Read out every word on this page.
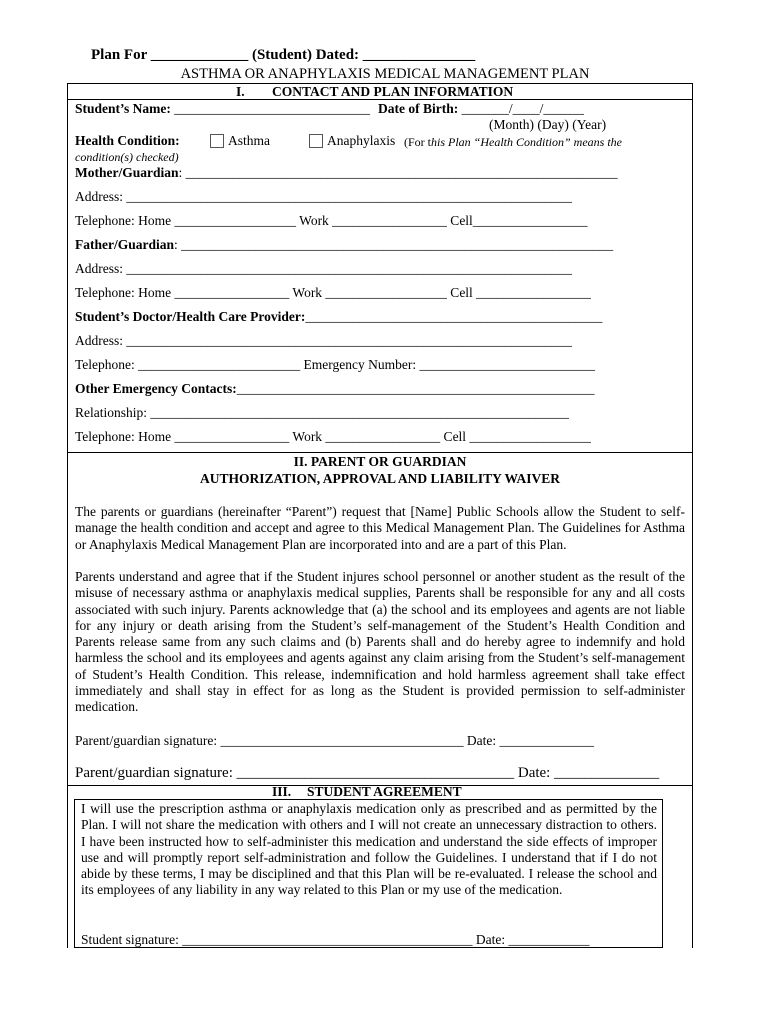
Plan For _____________ (Student) Dated: _______________
ASTHMA OR ANAPHYLAXIS MEDICAL MANAGEMENT PLAN
I. CONTACT AND PLAN INFORMATION
Student’s Name: _____________________________ Date of Birth: _______/____/______
(Month) (Day) (Year)
Health Condition:	Asthma	Anaphylaxis (For this Plan “Health Condition” means the
condition(s) checked)
Mother/Guardian: ________________________________________________________________
Address: __________________________________________________________________
Telephone: Home __________________ Work _________________ Cell_________________
Father/Guardian: ________________________________________________________________
Address: __________________________________________________________________
Telephone: Home _________________ Work __________________ Cell _________________
Student’s Doctor/Health Care Provider:____________________________________________
Address: __________________________________________________________________
Telephone: ________________________ Emergency Number: __________________________
Other Emergency Contacts:_____________________________________________________
Relationship: ______________________________________________________________
Telephone: Home _________________ Work _________________ Cell __________________
II. PARENT OR GUARDIAN
AUTHORIZATION, APPROVAL AND LIABILITY WAIVER
The parents or guardians (hereinafter “Parent”) request that [Name] Public Schools allow the Student to self-manage the health condition and accept and agree to this Medical Management Plan. The Guidelines for Asthma or Anaphylaxis Medical Management Plan are incorporated into and are a part of this Plan.
Parents understand and agree that if the Student injures school personnel or another student as the result of the misuse of necessary asthma or anaphylaxis medical supplies, Parents shall be responsible for any and all costs associated with such injury. Parents acknowledge that (a) the school and its employees and agents are not liable for any injury or death arising from the Student’s self-management of the Student’s Health Condition and Parents release same from any such claims and (b) Parents shall and do hereby agree to indemnify and hold harmless the school and its employees and agents against any claim arising from the Student’s self-management of Student’s Health Condition. This release, indemnification and hold harmless agreement shall take effect immediately and shall stay in effect for as long as the Student is provided permission to self-administer medication.
Parent/guardian signature: ____________________________________ Date: ______________
Parent/guardian signature: _____________________________________ Date: ______________
III. STUDENT AGREEMENT
I will use the prescription asthma or anaphylaxis medication only as prescribed and as permitted by the Plan. I will not share the medication with others and I will not create an unnecessary distraction to others. I have been instructed how to self-administer this medication and understand the side effects of improper use and will promptly report self-administration and follow the Guidelines. I understand that if I do not abide by these terms, I may be disciplined and that this Plan will be re-evaluated. I release the school and its employees of any liability in any way related to this Plan or my use of the medication.
Student signature: ___________________________________________ Date: ____________
